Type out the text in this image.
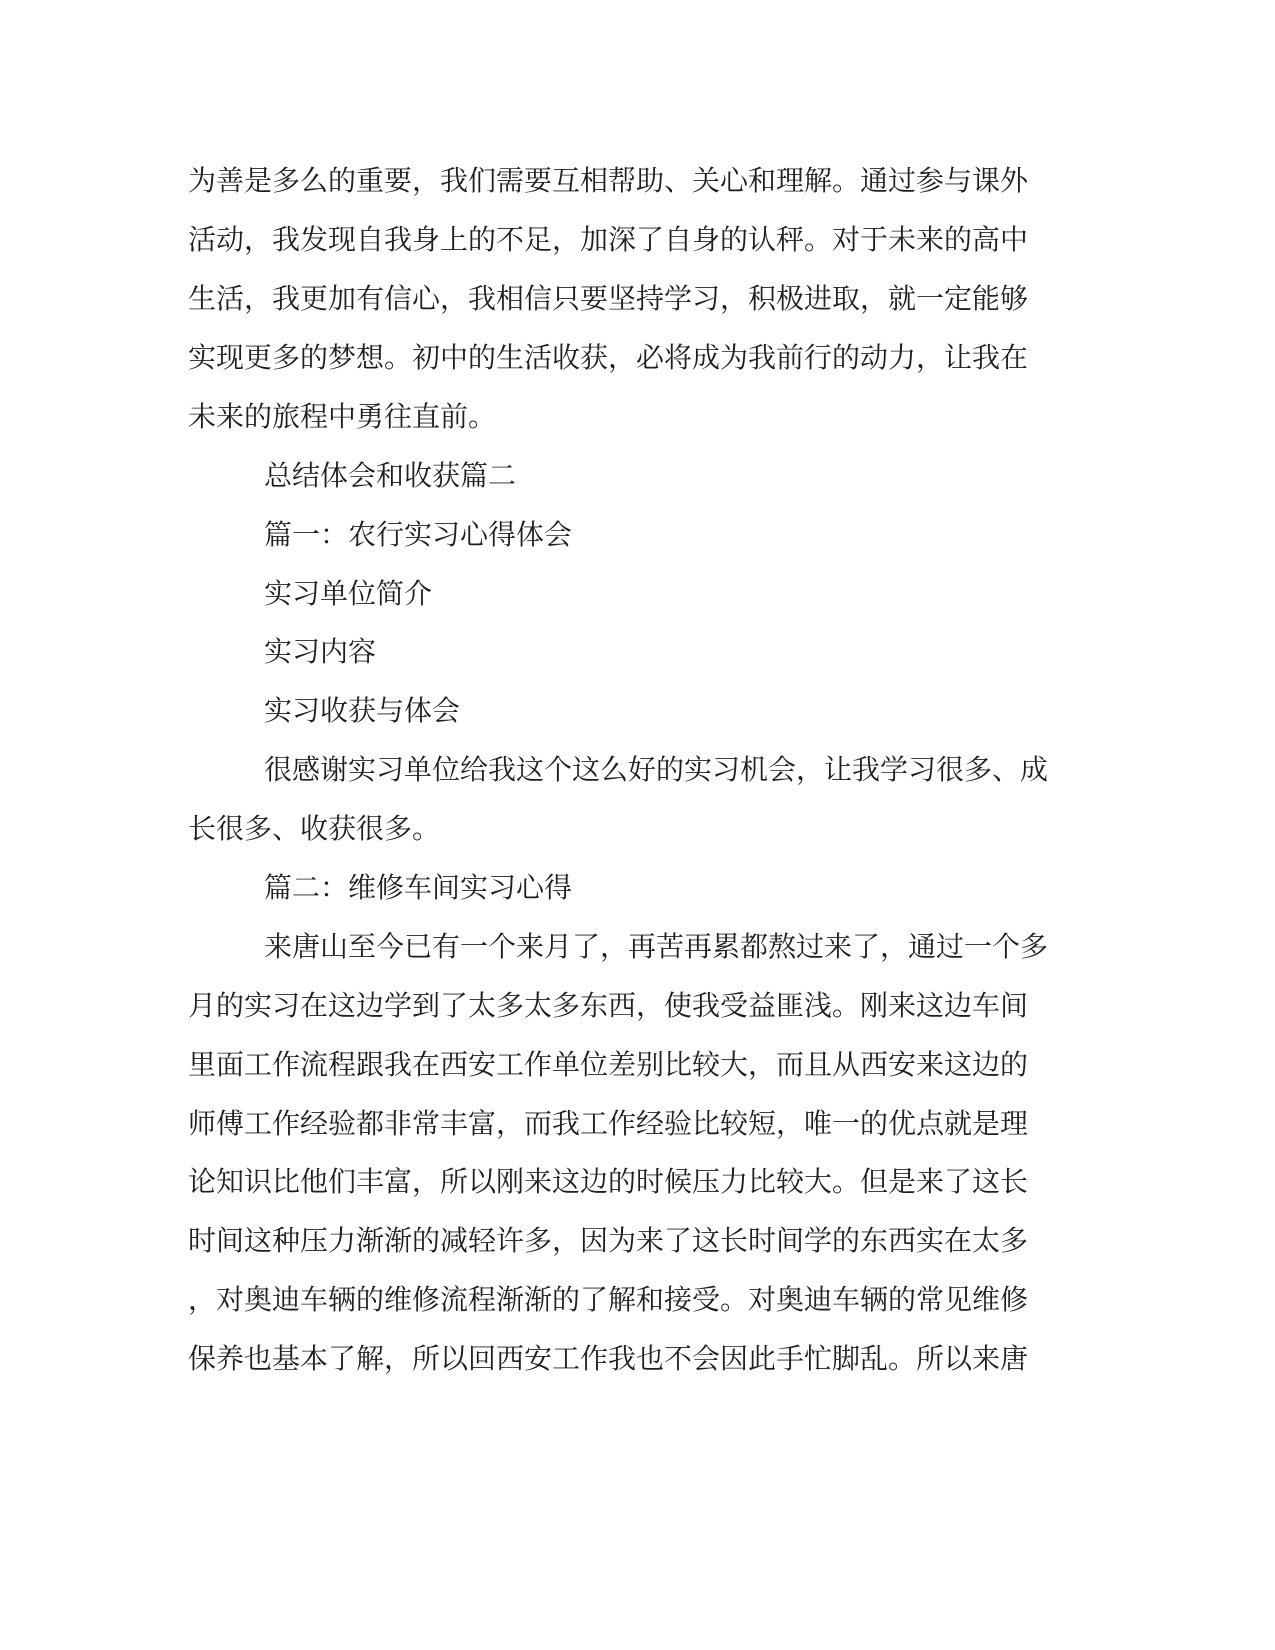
为善是多么的重要，我们需要互相帮助、关心和理解。通过参与课外
活动，我发现自我身上的不足，加深了自身的认秤。对于未来的高中
生活，我更加有信心，我相信只要坚持学习，积极进取，就一定能够
实现更多的梦想。初中的生活收获，必将成为我前行的动力，让我在
未来的旅程中勇往直前。
总结体会和收获篇二
篇一：农行实习心得体会
实习单位简介
实习内容
实习收获与体会
很感谢实习单位给我这个这么好的实习机会，让我学习很多、成
长很多、收获很多。
篇二：维修车间实习心得
来唐山至今已有一个来月了，再苦再累都熬过来了，通过一个多
月的实习在这边学到了太多太多东西，使我受益匪浅。刚来这边车间
里面工作流程跟我在西安工作单位差别比较大，而且从西安来这边的
师傅工作经验都非常丰富，而我工作经验比较短，唯一的优点就是理
论知识比他们丰富，所以刚来这边的时候压力比较大。但是来了这长
时间这种压力渐渐的减轻许多，因为来了这长时间学的东西实在太多
，对奥迪车辆的维修流程渐渐的了解和接受。对奥迪车辆的常见维修
保养也基本了解，所以回西安工作我也不会因此手忙脚乱。所以来唐
